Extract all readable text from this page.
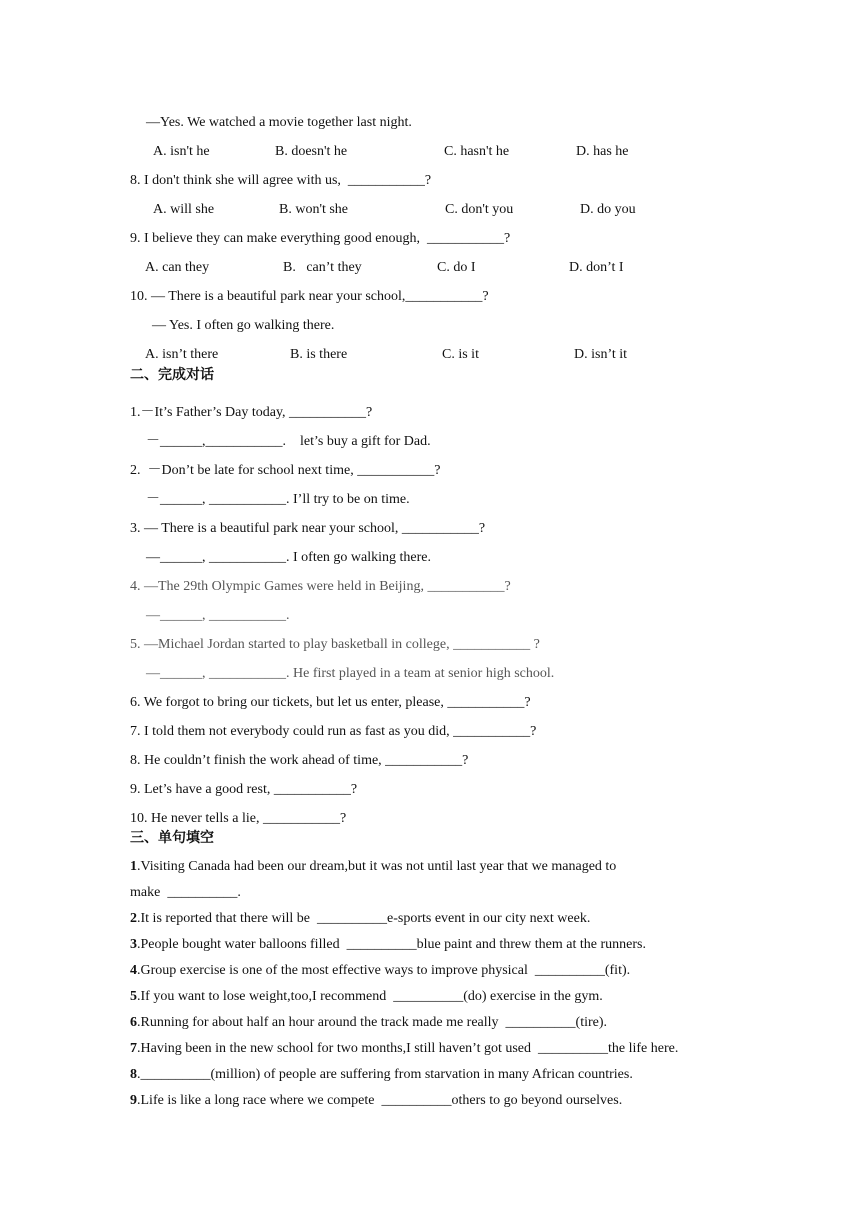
—Yes. We watched a movie together last night.
A. isn't he	B. doesn't he	C. hasn't he	D. has he
8. I don't think she will agree with us,  ___________?
A. will she	B. won't she	C. don't you	D. do you
9. I believe they can make everything good enough,  ___________?
A. can they	B.   can’t they	C. do I	D. don’t I
10. — There is a beautiful park near your school,___________?
— Yes. I often go walking there.
A. isn’t there	B. is there	C. is it	D. isn’t it
二、完成对话
1.－It’s Father’s Day today, ___________?
－______,___________.    let’s buy a gift for Dad.
2.  －Don’t be late for school next time, ___________?
－______, ___________. I’ll try to be on time.
3. — There is a beautiful park near your school, ___________?
—______, ___________. I often go walking there.
4. —The 29th Olympic Games were held in Beijing, ___________?
—______, ___________.
5. —Michael Jordan started to play basketball in college, ___________ ?
—______, ___________. He first played in a team at senior high school.
6. We forgot to bring our tickets, but let us enter, please, ___________?
7. I told them not everybody could run as fast as you did, ___________?
8. He couldn’t finish the work ahead of time, ___________?
9. Let’s have a good rest, ___________?
10. He never tells a lie, ___________?
三、单句填空
1.Visiting Canada had been our dream,but it was not until last year that we managed to
make  __________.
2.It is reported that there will be  __________e-sports event in our city next week.
3.People bought water balloons filled  __________blue paint and threw them at the runners.
4.Group exercise is one of the most effective ways to improve physical  __________(fit).
5.If you want to lose weight,too,I recommend  __________(do) exercise in the gym.
6.Running for about half an hour around the track made me really  __________(tire).
7.Having been in the new school for two months,I still haven’t got used  __________the life here.
8.__________(million) of people are suffering from starvation in many African countries.
9.Life is like a long race where we compete  __________others to go beyond ourselves.
